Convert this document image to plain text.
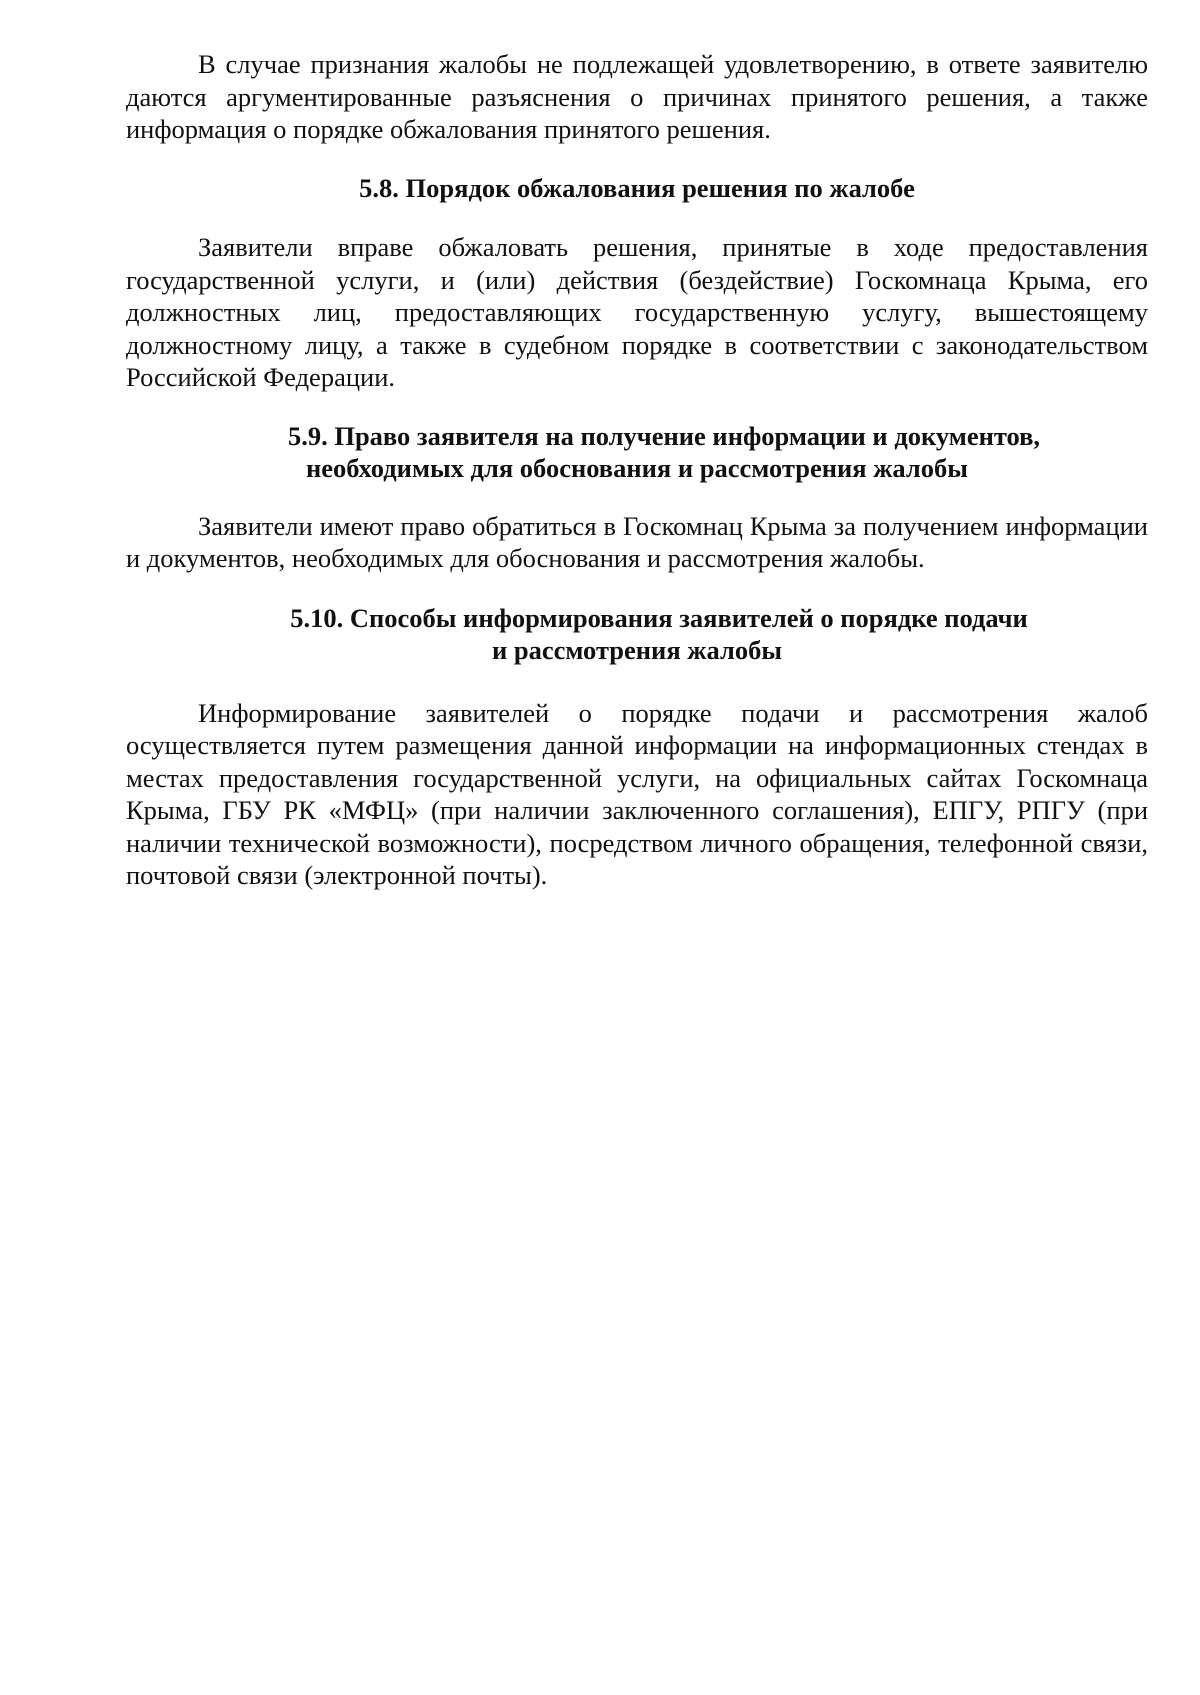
В случае признания жалобы не подлежащей удовлетворению, в ответе заявителю даются аргументированные разъяснения о причинах принятого решения, а также информация о порядке обжалования принятого решения.

5.8. Порядок обжалования решения по жалобе

Заявители вправе обжаловать решения, принятые в ходе предоставления государственной услуги, и (или) действия (бездействие) Госкомнаца Крыма, его должностных лиц, предоставляющих государственную услугу, вышестоящему должностному лицу, а также в судебном порядке в соответствии с законодательством Российской Федерации.

5.9. Право заявителя на получение информации и документов,
необходимых для обоснования и рассмотрения жалобы

Заявители имеют право обратиться в Госкомнац Крыма за получением информации и документов, необходимых для обоснования и рассмотрения жалобы.

5.10. Способы информирования заявителей о порядке подачи
и рассмотрения жалобы

Информирование заявителей о порядке подачи и рассмотрения жалоб осуществляется путем размещения данной информации на информационных стендах в местах предоставления государственной услуги, на официальных сайтах Госкомнаца Крыма, ГБУ РК «МФЦ» (при наличии заключенного соглашения), ЕПГУ, РПГУ (при наличии технической возможности), посредством личного обращения, телефонной связи, почтовой связи (электронной почты).
